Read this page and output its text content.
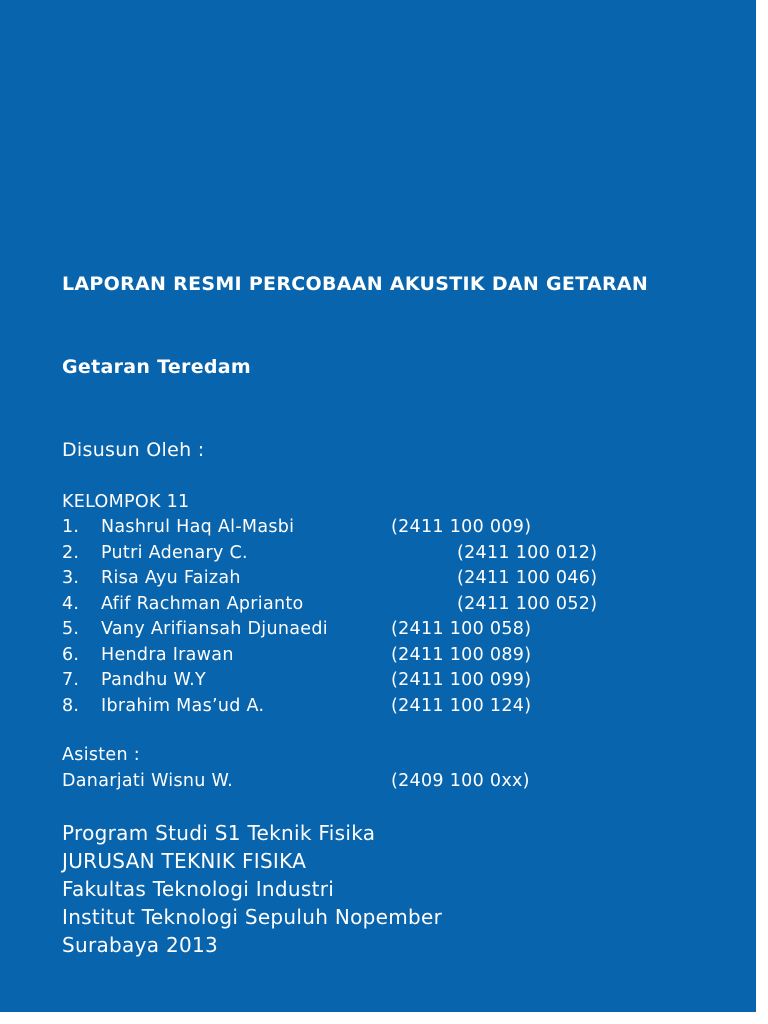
LAPORAN RESMI PERCOBAAN AKUSTIK DAN GETARAN
Getaran Teredam
Disusun Oleh :
KELOMPOK 11
1. Nashrul Haq Al-Masbi	(2411 100 009)
2. Putri Adenary C.	(2411 100 012)
3. Risa Ayu Faizah	(2411 100 046)
4. Afif Rachman Aprianto	(2411 100 052)
5. Vany Arifiansah Djunaedi	(2411 100 058)
6. Hendra Irawan	(2411 100 089)
7. Pandhu W.Y	(2411 100 099)
8. Ibrahim Mas’ud A.	(2411 100 124)
Asisten :
Danarjati Wisnu W.	(2409 100 0xx)
Program Studi S1 Teknik Fisika
JURUSAN TEKNIK FISIKA
Fakultas Teknologi Industri
Institut Teknologi Sepuluh Nopember
Surabaya 2013
